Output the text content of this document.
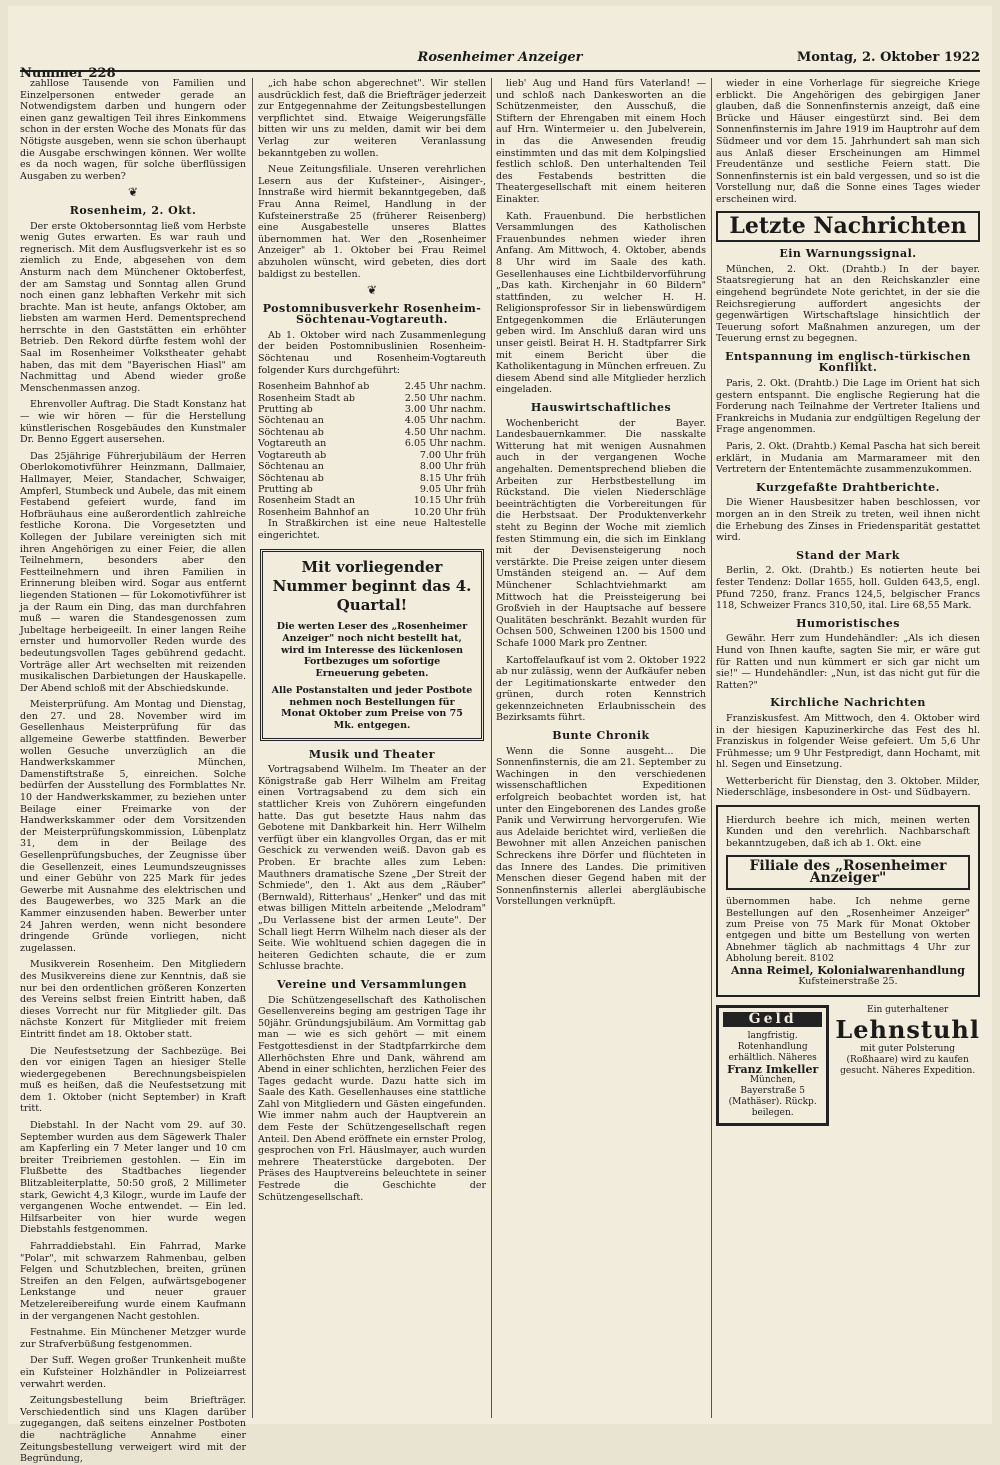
Nummer 228
Rosenheimer Anzeiger	Montag, 2. Oktober 1922

zahllose Tausende von Familien und Einzelpersonen entweder gerade an Notwendigstem darben und hungern oder einen ganz gewaltigen Teil ihres Einkommens schon in der ersten Woche des Monats für das Nötigste ausgeben, wenn sie schon überhaupt die Ausgabe erschwingen können. Wer wollte es da noch wagen, für solche überflüssigen Ausgaben zu werben?

❦

Rosenheim, 2. Okt.

Der erste Oktobersonntag ließ vom Herbste wenig Gutes erwarten. Es war rauh und regnerisch. Mit dem Ausflugsverkehr ist es so ziemlich zu Ende, abgesehen von dem Ansturm nach dem Münchener Oktoberfest, der am Samstag und Sonntag allen Grund noch einen ganz lebhaften Verkehr mit sich brachte. Man ist heute, anfangs Oktober, am liebsten am warmen Herd. Dementsprechend herrschte in den Gaststätten ein erhöhter Betrieb. Den Rekord dürfte festem wohl der Saal im Rosenheimer Volkstheater gehabt haben, das mit dem "Bayerischen Hiasl" am Nachmittag und Abend wieder große Menschenmassen anzog.

Ehrenvoller Auftrag. Die Stadt Konstanz hat — wie wir hören — für die Herstellung künstlerischen Rosgebäudes den Kunstmaler Dr. Benno Eggert ausersehen.

Das 25jährige Führerjubiläum der Herren Oberlokomotivführer Heinzmann, Dallmaier, Hallmayer, Meier, Standacher, Schwaiger, Ampferl, Stumbeck und Aubele, das mit einem Festabend gefeiert wurde, fand im Hofbräuhaus eine außerordentlich zahlreiche festliche Korona. Die Vorgesetzten und Kollegen der Jubilare vereinigten sich mit ihren Angehörigen zu einer Feier, die allen Teilnehmern, besonders aber den Festteilnehmern und ihren Familien in Erinnerung bleiben wird. Sogar aus entfernt liegenden Stationen — für Lokomotivführer ist ja der Raum ein Ding, das man durchfahren muß — waren die Standesgenossen zum Jubeltage herbeigeeilt. In einer langen Reihe ernster und humorvoller Reden wurde des bedeutungsvollen Tages gebührend gedacht. Vorträge aller Art wechselten mit reizenden musikalischen Darbietungen der Hauskapelle. Der Abend schloß mit der Abschiedskunde.

Meisterprüfung. Am Montag und Dienstag, den 27. und 28. November wird im Gesellenhaus Meisterprüfung für das allgemeine Gewerbe stattfinden. Bewerber wollen Gesuche unverzüglich an die Handwerkskammer München, Damenstiftstraße 5, einreichen. Solche bedürfen der Ausstellung des Formblattes Nr. 10 der Handwerkskammer, zu beziehen unter Beilage einer Freimarke von der Handwerkskammer oder dem Vorsitzenden der Meisterprüfungskommission, Lübenplatz 31, dem in der Beilage des Gesellenprüfungsbuches, der Zeugnisse über die Gesellenzeit, eines Leumundszeugnisses und einer Gebühr von 225 Mark für jedes Gewerbe mit Ausnahme des elektrischen und des Baugewerbes, wo 325 Mark an die Kammer einzusenden haben. Bewerber unter 24 Jahren werden, wenn nicht besondere dringende Gründe vorliegen, nicht zugelassen.

Musikverein Rosenheim. Den Mitgliedern des Musikvereins diene zur Kenntnis, daß sie nur bei den ordentlichen größeren Konzerten des Vereins selbst freien Eintritt haben, daß dieses Vorrecht nur für Mitglieder gilt. Das nächste Konzert für Mitglieder mit freiem Eintritt findet am 18. Oktober statt.

Die Neufestsetzung der Sachbezüge. Bei den vor einigen Tagen an hiesiger Stelle wiedergegebenen Berechnungsbeispielen muß es heißen, daß die Neufestsetzung mit dem 1. Oktober (nicht September) in Kraft tritt.

Diebstahl. In der Nacht vom 29. auf 30. September wurden aus dem Sägewerk Thaler am Kapferling ein 7 Meter langer und 10 cm breiter Treibriemen gestohlen. — Ein im Flußbette des Stadtbaches liegender Blitzableiterplatte, 50:50 groß, 2 Millimeter stark, Gewicht 4,3 Kilogr., wurde im Laufe der vergangenen Woche entwendet. — Ein led. Hilfsarbeiter von hier wurde wegen Diebstahls festgenommen.

Fahrraddiebstahl. Ein Fahrrad, Marke "Polar", mit schwarzem Rahmenbau, gelben Felgen und Schutzblechen, breiten, grünen Streifen an den Felgen, aufwärtsgebogener Lenkstange und neuer grauer Metzelereibereifung wurde einem Kaufmann in der vergangenen Nacht gestohlen.

Festnahme. Ein Münchener Metzger wurde zur Strafverbüßung festgenommen.

Der Suff. Wegen großer Trunkenheit mußte ein Kufsteiner Holzhändler in Polizeiarrest verwahrt werden.

Zeitungsbestellung beim Briefträger. Verschiedentlich sind uns Klagen darüber zugegangen, daß seitens einzelner Postboten die nachträgliche Annahme einer Zeitungsbestellung verweigert wird mit der Begründung,

„ich habe schon abgerechnet". Wir stellen ausdrücklich fest, daß die Briefträger jederzeit zur Entgegennahme der Zeitungsbestellungen verpflichtet sind. Etwaige Weigerungsfälle bitten wir uns zu melden, damit wir bei dem Verlag zur weiteren Veranlassung bekanntgeben zu wollen.

Neue Zeitungsfiliale. Unseren verehrlichen Lesern aus der Kufsteiner-, Aisinger-, Innstraße wird hiermit bekanntgegeben, daß Frau Anna Reimel, Handlung in der Kufsteinerstraße 25 (früherer Reisenberg) eine Ausgabestelle unseres Blattes übernommen hat. Wer den „Rosenheimer Anzeiger" ab 1. Oktober bei Frau Reimel abzuholen wünscht, wird gebeten, dies dort baldigst zu bestellen.

❦

Postomnibusverkehr Rosenheim-Söchtenau-Vogtareuth.

Ab 1. Oktober wird nach Zusammenlegung der beiden Postomnibuslinien Rosenheim-Söchtenau und Rosenheim-Vogtareuth folgender Kurs durchgeführt:

Rosenheim Bahnhof ab	2.45 Uhr nachm.
Rosenheim Stadt ab	2.50 Uhr nachm.
Prutting ab	3.00 Uhr nachm.
Söchtenau an	4.05 Uhr nachm.
Söchtenau ab	4.50 Uhr nachm.
Vogtareuth an	6.05 Uhr nachm.

Vogtareuth ab	7.00 Uhr früh
Söchtenau an	8.00 Uhr früh
Söchtenau ab	8.15 Uhr früh
Prutting ab	9.05 Uhr früh
Rosenheim Stadt an	10.15 Uhr früh
Rosenheim Bahnhof an	10.20 Uhr früh

In Straßkirchen ist eine neue Haltestelle eingerichtet.

Mit vorliegender Nummer beginnt das 4. Quartal!
Die werten Leser des „Rosenheimer Anzeiger" noch nicht bestellt hat, wird im Interesse des lückenlosen Fortbezuges um sofortige Erneuerung gebeten.
Alle Postanstalten und jeder Postbote nehmen noch Bestellungen für Monat Oktober zum Preise von 75 Mk. entgegen.

Musik und Theater

Vortragsabend Wilhelm. Im Theater an der Königstraße gab Herr Wilhelm am Freitag einen Vortragsabend zu dem sich ein stattlicher Kreis von Zuhörern eingefunden hatte. Das gut besetzte Haus nahm das Gebotene mit Dankbarkeit hin. Herr Wilhelm verfügt über ein klangvolles Organ, das er mit Geschick zu verwenden weiß. Davon gab es Proben. Er brachte alles zum Leben: Mauthners dramatische Szene „Der Streit der Schmiede", den 1. Akt aus dem „Räuber" (Bernwald), Ritterhaus' „Henker" und das mit etwas billigen Mitteln arbeitende „Melodram" „Du Verlassene bist der armen Leute". Der Schall liegt Herrn Wilhelm nach dieser als der Seite. Wie wohltuend schien dagegen die in heiteren Gedichten schaute, die er zum Schlusse brachte.

Vereine und Versammlungen

Die Schützengesellschaft des Katholischen Gesellenvereins beging am gestrigen Tage ihr 50jähr. Gründungsjubiläum. Am Vormittag gab man — wie es sich gehört — mit einem Festgottesdienst in der Stadtpfarrkirche dem Allerhöchsten Ehre und Dank, während am Abend in einer schlichten, herzlichen Feier des Tages gedacht wurde. Dazu hatte sich im Saale des Kath. Gesellenhauses eine stattliche Zahl von Mitgliedern und Gästen eingefunden. Wie immer nahm auch der Hauptverein an dem Feste der Schützengesellschaft regen Anteil. Den Abend eröffnete ein ernster Prolog, gesprochen von Frl. Häuslmayer, auch wurden mehrere Theaterstücke dargeboten. Der Präses des Hauptvereins beleuchtete in seiner Festrede die Geschichte der Schützengesellschaft.

lieb' Aug und Hand fürs Vaterland! — und schloß nach Dankesworten an die Schützenmeister, den Ausschuß, die Stiftern der Ehrengaben mit einem Hoch auf Hrn. Wintermeier u. den Jubelverein, in das die Anwesenden freudig einstimmten und das mit dem Kolpingslied festlich schloß. Den unterhaltenden Teil des Festabends bestritten die Theatergesellschaft mit einem heiteren Einakter.

Kath. Frauenbund. Die herbstlichen Versammlungen des Katholischen Frauenbundes nehmen wieder ihren Anfang. Am Mittwoch, 4. Oktober, abends 8 Uhr wird im Saale des kath. Gesellenhauses eine Lichtbildervorführung „Das kath. Kirchenjahr in 60 Bildern" stattfinden, zu welcher H. H. Religionsprofessor Sir in liebenswürdigem Entgegenkommen die Erläuterungen geben wird. Im Anschluß daran wird uns unser geistl. Beirat H. H. Stadtpfarrer Sirk mit einem Bericht über die Katholikentagung in München erfreuen. Zu diesem Abend sind alle Mitglieder herzlich eingeladen.

Hauswirtschaftliches

Wochenbericht der Bayer. Landesbauernkammer. Die nasskalte Witterung hat mit wenigen Ausnahmen auch in der vergangenen Woche angehalten. Dementsprechend blieben die Arbeiten zur Herbstbestellung im Rückstand. Die vielen Niederschläge beeinträchtigten die Vorbereitungen für die Herbstsaat. Der Produktenverkehr steht zu Beginn der Woche mit ziemlich festen Stimmung ein, die sich im Einklang mit der Devisensteigerung noch verstärkte. Die Preise zeigen unter diesem Umständen steigend an. — Auf dem Münchener Schlachtviehmarkt am Mittwoch hat die Preissteigerung bei Großvieh in der Hauptsache auf bessere Qualitäten beschränkt. Bezahlt wurden für Ochsen 500, Schweinen 1200 bis 1500 und Schafe 1000 Mark pro Zentner.

Kartoffelaufkauf ist vom 2. Oktober 1922 ab nur zulässig, wenn der Aufkäufer neben der Legitimationskarte entweder den grünen, durch roten Kennstrich gekennzeichneten Erlaubnisschein des Bezirksamts führt.

Bunte Chronik

Wenn die Sonne ausgeht... Die Sonnenfinsternis, die am 21. September zu Wachingen in den verschiedenen wissenschaftlichen Expeditionen erfolgreich beobachtet worden ist, hat unter den Eingeborenen des Landes große Panik und Verwirrung hervorgerufen. Wie aus Adelaide berichtet wird, verließen die Bewohner mit allen Anzeichen panischen Schreckens ihre Dörfer und flüchteten in das Innere des Landes. Die primitiven Menschen dieser Gegend haben mit der Sonnenfinsternis allerlei abergläubische Vorstellungen verknüpft.

wieder in eine Vorherlage für siegreiche Kriege erblickt. Die Angehörigen des gebirgigen Janer glauben, daß die Sonnenfinsternis anzeigt, daß eine Brücke und Häuser eingestürzt sind. Bei dem Sonnenfinsternis im Jahre 1919 im Hauptrohr auf dem Südmeer und vor dem 15. Jahrhundert sah man sich aus Anlaß dieser Erscheinungen am Himmel Freudentänze und sestliche Feiern statt. Die Sonnenfinsternis ist ein bald vergessen, und so ist die Vorstellung nur, daß die Sonne eines Tages wieder erscheinen wird.

Letzte Nachrichten

Ein Warnungssignal.

München, 2. Okt. (Drahtb.) In der bayer. Staatsregierung hat an den Reichskanzler eine eingehend begründete Note gerichtet, in der sie die Reichsregierung auffordert angesichts der gegenwärtigen Wirtschaftslage hinsichtlich der Teuerung sofort Maßnahmen anzuregen, um der Teuerung ernst zu begegnen.

Entspannung im englisch-türkischen Konflikt.

Paris, 2. Okt. (Drahtb.) Die Lage im Orient hat sich gestern entspannt. Die englische Regierung hat die Forderung nach Teilnahme der Vertreter Italiens und Frankreichs in Mudania zur endgültigen Regelung der Frage angenommen.

Paris, 2. Okt. (Drahtb.) Kemal Pascha hat sich bereit erklärt, in Mudania am Marmarameer mit den Vertretern der Ententemächte zusammenzukommen.

Kurzgefaßte Drahtberichte.

Die Wiener Hausbesitzer haben beschlossen, vor morgen an in den Streik zu treten, weil ihnen nicht die Erhebung des Zinses in Friedensparität gestattet wird.

Stand der Mark

Berlin, 2. Okt. (Drahtb.) Es notierten heute bei fester Tendenz: Dollar 1655, holl. Gulden 643,5, engl. Pfund 7250, franz. Francs 124,5, belgischer Francs 118, Schweizer Francs 310,50, ital. Lire 68,55 Mark.

Humoristisches

Gewähr. Herr zum Hundehändler: „Als ich diesen Hund von Ihnen kaufte, sagten Sie mir, er wäre gut für Ratten und nun kümmert er sich gar nicht um sie!" — Hundehändler: „Nun, ist das nicht gut für die Ratten?"

Kirchliche Nachrichten

Franziskusfest. Am Mittwoch, den 4. Oktober wird in der hiesigen Kapuzinerkirche das Fest des hl. Franziskus in folgender Weise gefeiert. Um 5,6 Uhr Frühmesse; um 9 Uhr Festpredigt, dann Hochamt, mit hl. Segen und Einsetzung.

Wetterbericht für Dienstag, den 3. Oktober. Milder, Niederschläge, insbesondere in Ost- und Südbayern.

Hierdurch beehre ich mich, meinen werten Kunden und den verehrlich. Nachbarschaft bekanntzugeben, daß ich ab 1. Okt. eine
Filiale des „Rosenheimer Anzeiger"
übernommen habe. Ich nehme gerne Bestellungen auf den „Rosenheimer Anzeiger" zum Preise von 75 Mark für Monat Oktober entgegen und bitte um Bestellung von werten Abnehmer täglich ab nachmittags 4 Uhr zur Abholung bereit. 8102
Anna Reimel, Kolonialwarenhandlung
Kufsteinerstraße 25.
Geld
langfristig. Rotenhandlung erhältlich. Näheres
Franz Imkeller
München, Bayerstraße 5 (Mathäser). Rückp. beilegen.
Ein guterhaltener
Lehnstuhl
mit guter Polsterung (Roßhaare) wird zu kaufen gesucht. Näheres Expedition.
